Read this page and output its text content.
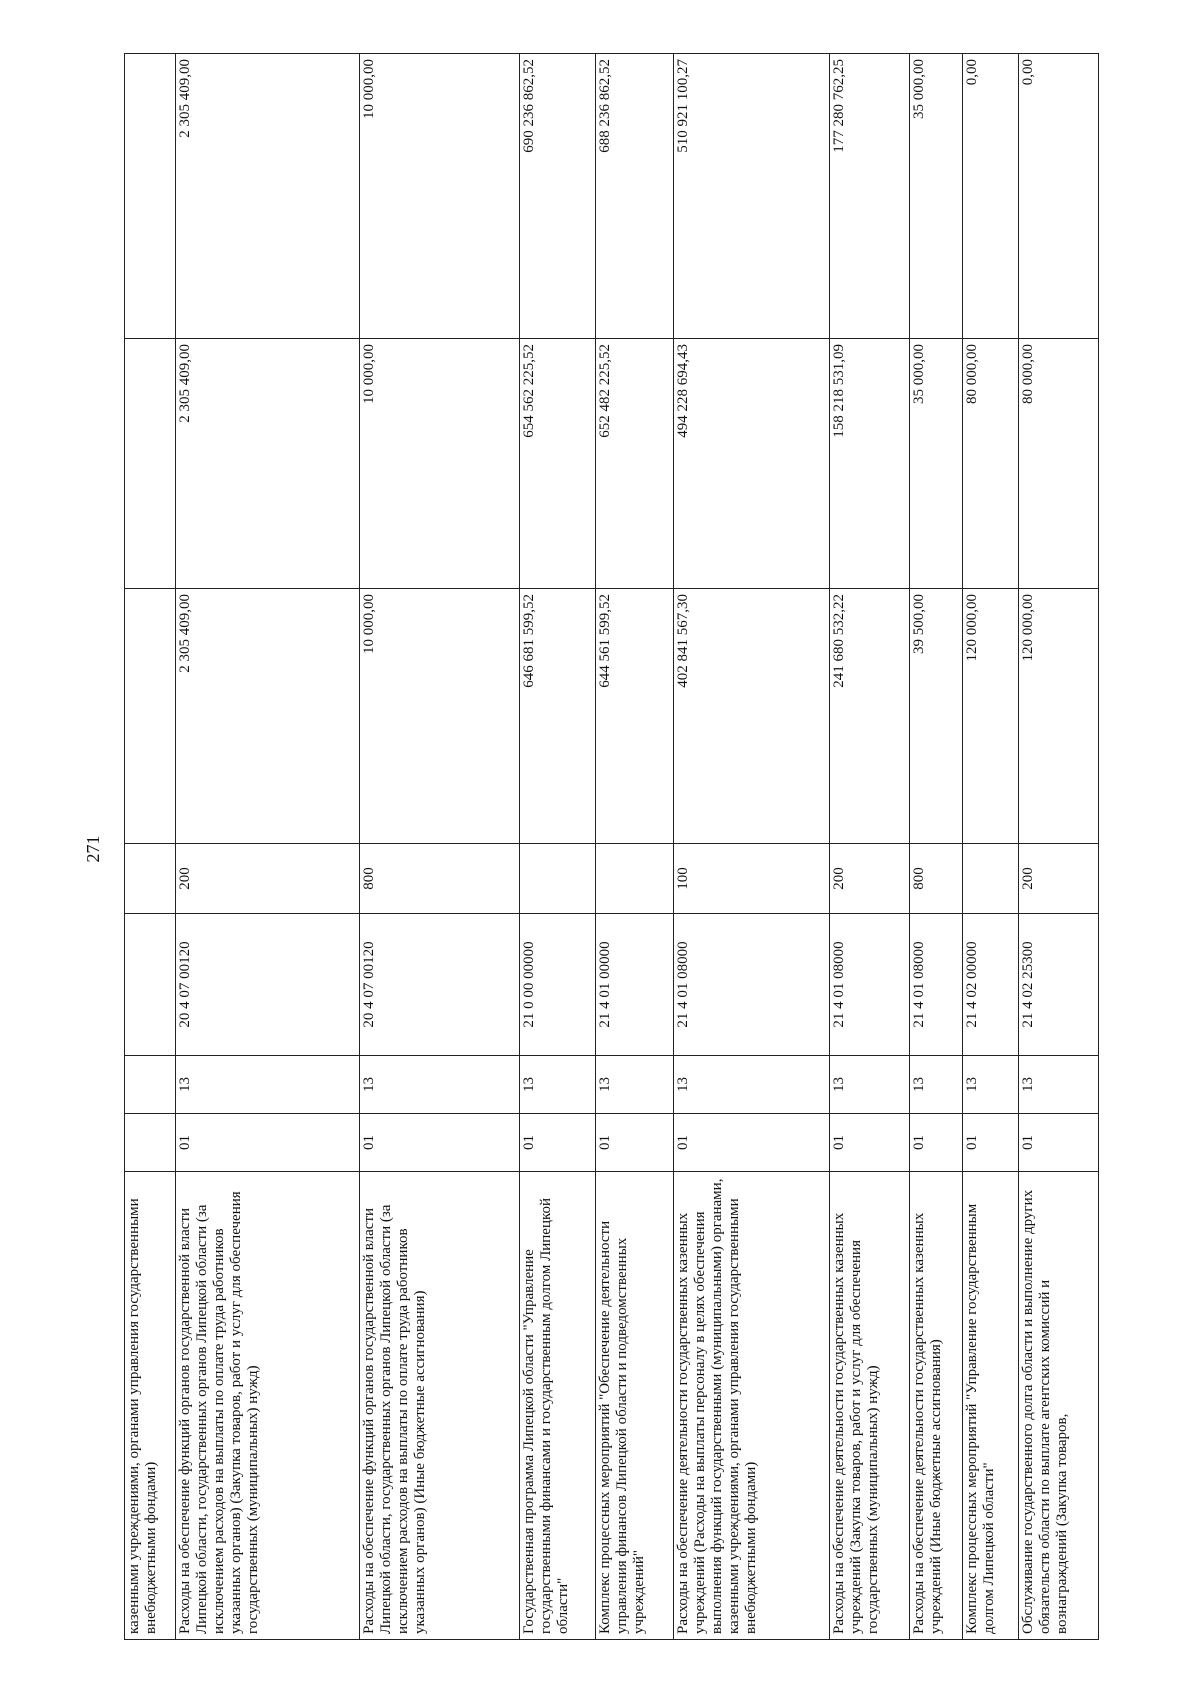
271
казенными учреждениями, органами управления государственными внебюджетными фондами)							
Расходы на обеспечение функций органов государственной власти Липецкой области, государственных органов Липецкой области (за исключением расходов на выплаты по оплате труда работников указанных органов) (Закупка товаров, работ и услуг для обеспечения государственных (муниципальных) нужд)	01	13	20 4 07 00120	200	2 305 409,00	2 305 409,00	2 305 409,00
Расходы на обеспечение функций органов государственной власти Липецкой области, государственных органов Липецкой области (за исключением расходов на выплаты по оплате труда работников указанных органов) (Иные бюджетные ассигнования)	01	13	20 4 07 00120	800	10 000,00	10 000,00	10 000,00
Государственная программа Липецкой области "Управление государственными финансами и государственным долгом Липецкой области"	01	13	21 0 00 00000		646 681 599,52	654 562 225,52	690 236 862,52
Комплекс процессных мероприятий "Обеспечение деятельности управления финансов Липецкой области и подведомственных учреждений"	01	13	21 4 01 00000		644 561 599,52	652 482 225,52	688 236 862,52
Расходы на обеспечение деятельности государственных казенных учреждений (Расходы на выплаты персоналу в целях обеспечения выполнения функций государственными (муниципальными) органами, казенными учреждениями, органами управления государственными внебюджетными фондами)	01	13	21 4 01 08000	100	402 841 567,30	494 228 694,43	510 921 100,27
Расходы на обеспечение деятельности государственных казенных учреждений (Закупка товаров, работ и услуг для обеспечения государственных (муниципальных) нужд)	01	13	21 4 01 08000	200	241 680 532,22	158 218 531,09	177 280 762,25
Расходы на обеспечение деятельности государственных казенных учреждений (Иные бюджетные ассигнования)	01	13	21 4 01 08000	800	39 500,00	35 000,00	35 000,00
Комплекс процессных мероприятий "Управление государственным долгом Липецкой области"	01	13	21 4 02 00000		120 000,00	80 000,00	0,00
Обслуживание государственного долга области и выполнение других обязательств области по выплате агентских комиссий и вознаграждений (Закупка товаров,	01	13	21 4 02 25300	200	120 000,00	80 000,00	0,00
